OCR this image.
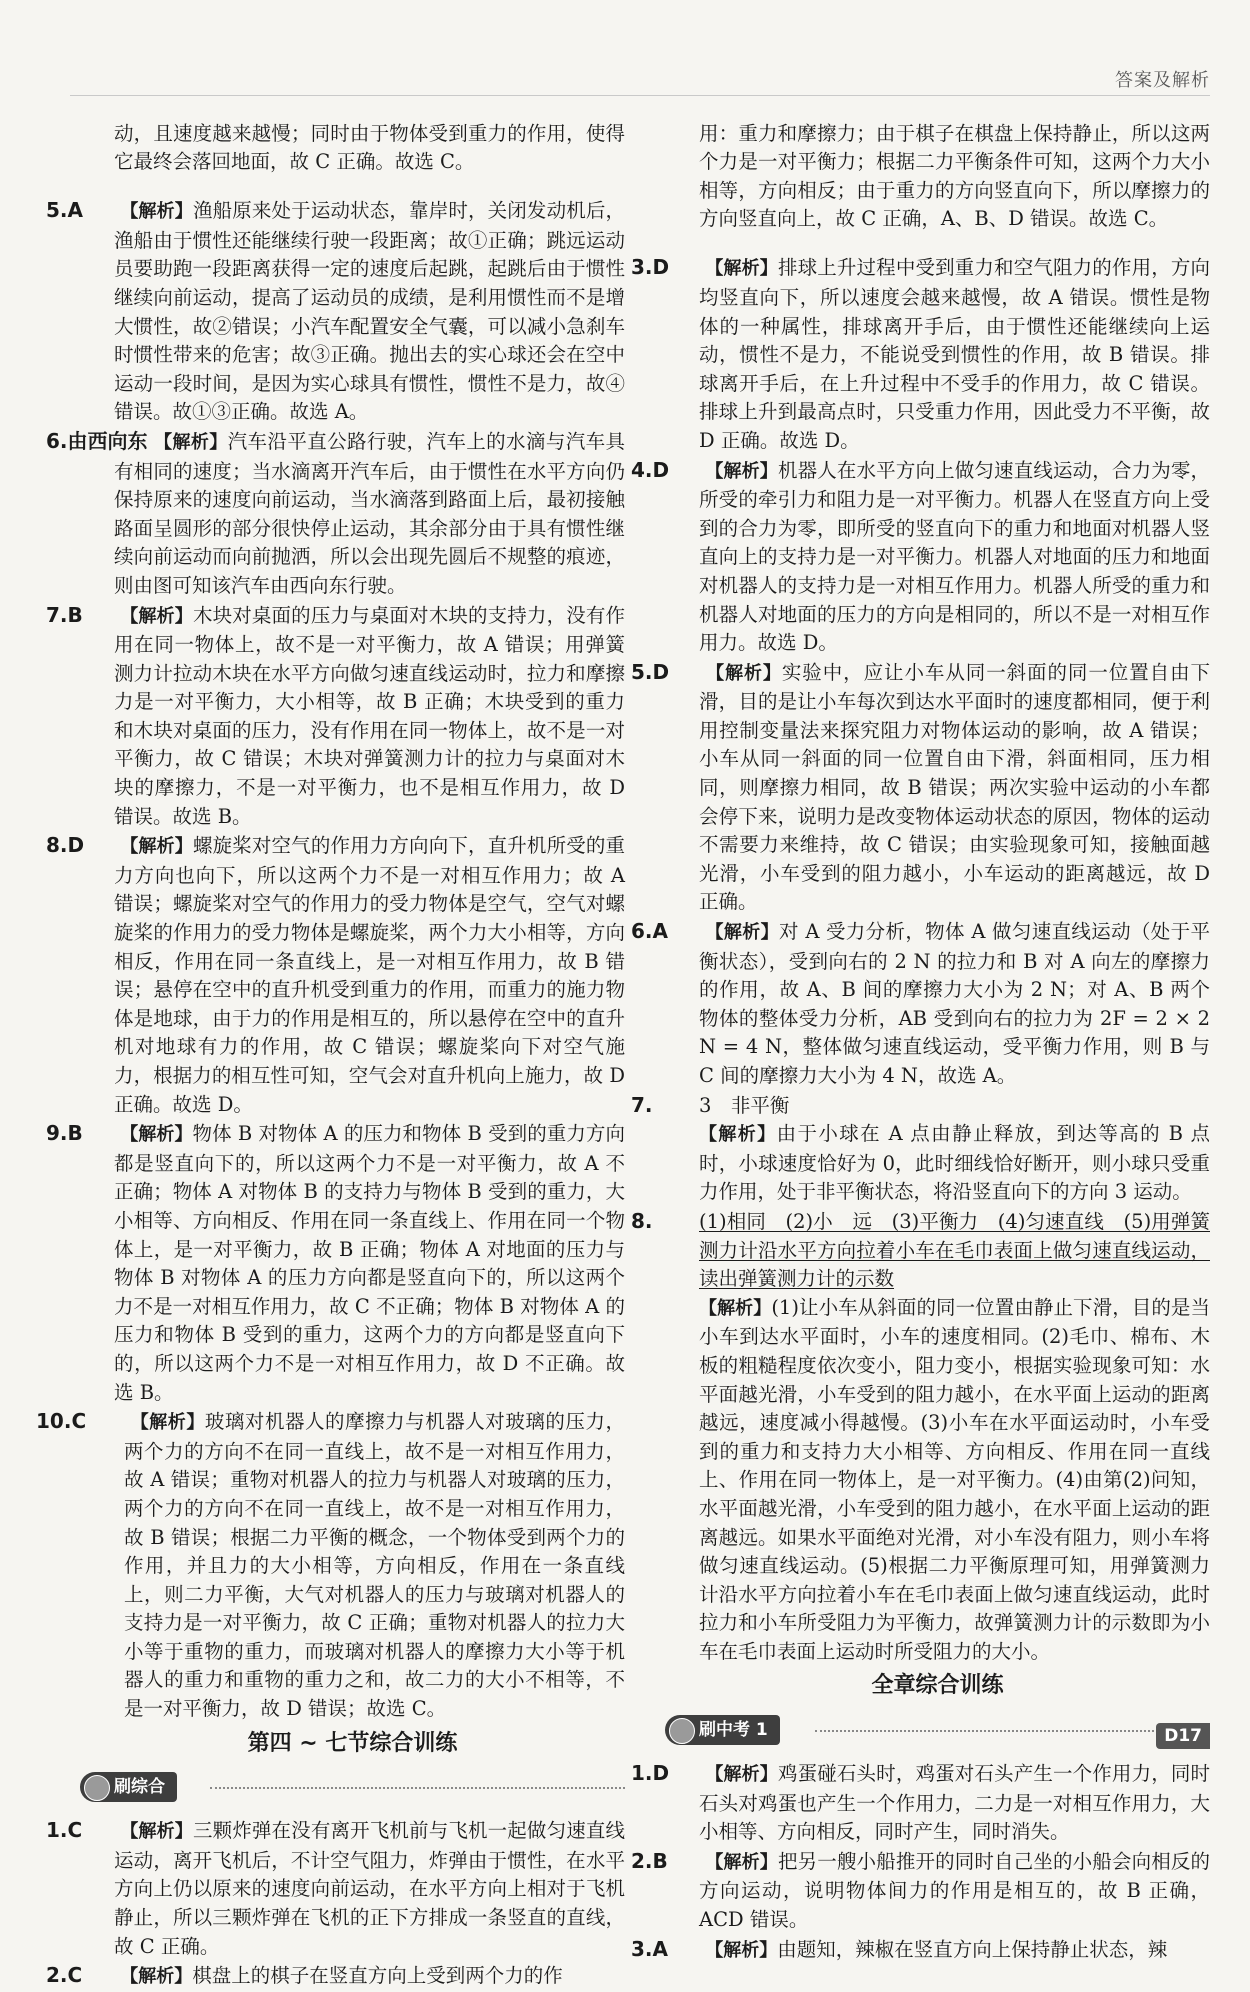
答案及解析

动，且速度越来越慢；同时由于物体受到重力的作用，使得它最终会落回地面，故 C 正确。故选 C。

5.A 【解析】渔船原来处于运动状态，靠岸时，关闭发动机后，渔船由于惯性还能继续行驶一段距离；故①正确；跳远运动员要助跑一段距离获得一定的速度后起跳，起跳后由于惯性继续向前运动，提高了运动员的成绩，是利用惯性而不是增大惯性，故②错误；小汽车配置安全气囊，可以减小急刹车时惯性带来的危害；故③正确。抛出去的实心球还会在空中运动一段时间，是因为实心球具有惯性，惯性不是力，故④错误。故①③正确。故选 A。

6.由西向东 【解析】汽车沿平直公路行驶，汽车上的水滴与汽车具有相同的速度；当水滴离开汽车后，由于惯性在水平方向仍保持原来的速度向前运动，当水滴落到路面上后，最初接触路面呈圆形的部分很快停止运动，其余部分由于具有惯性继续向前运动而向前抛洒，所以会出现先圆后不规整的痕迹，则由图可知该汽车由西向东行驶。

7.B 【解析】木块对桌面的压力与桌面对木块的支持力，没有作用在同一物体上，故不是一对平衡力，故 A 错误；用弹簧测力计拉动木块在水平方向做匀速直线运动时，拉力和摩擦力是一对平衡力，大小相等，故 B 正确；木块受到的重力和木块对桌面的压力，没有作用在同一物体上，故不是一对平衡力，故 C 错误；木块对弹簧测力计的拉力与桌面对木块的摩擦力，不是一对平衡力，也不是相互作用力，故 D 错误。故选 B。

8.D 【解析】螺旋桨对空气的作用力方向向下，直升机所受的重力方向也向下，所以这两个力不是一对相互作用力；故 A 错误；螺旋桨对空气的作用力的受力物体是空气，空气对螺旋桨的作用力的受力物体是螺旋桨，两个力大小相等，方向相反，作用在同一条直线上，是一对相互作用力，故 B 错误；悬停在空中的直升机受到重力的作用，而重力的施力物体是地球，由于力的作用是相互的，所以悬停在空中的直升机对地球有力的作用，故 C 错误；螺旋桨向下对空气施力，根据力的相互性可知，空气会对直升机向上施力，故 D 正确。故选 D。

9.B 【解析】物体 B 对物体 A 的压力和物体 B 受到的重力方向都是竖直向下的，所以这两个力不是一对平衡力，故 A 不正确；物体 A 对物体 B 的支持力与物体 B 受到的重力，大小相等、方向相反、作用在同一条直线上、作用在同一个物体上，是一对平衡力，故 B 正确；物体 A 对地面的压力与物体 B 对物体 A 的压力方向都是竖直向下的，所以这两个力不是一对相互作用力，故 C 不正确；物体 B 对物体 A 的压力和物体 B 受到的重力，这两个力的方向都是竖直向下的，所以这两个力不是一对相互作用力，故 D 不正确。故选 B。

10.C 【解析】玻璃对机器人的摩擦力与机器人对玻璃的压力，两个力的方向不在同一直线上，故不是一对相互作用力，故 A 错误；重物对机器人的拉力与机器人对玻璃的压力，两个力的方向不在同一直线上，故不是一对相互作用力，故 B 错误；根据二力平衡的概念，一个物体受到两个力的作用，并且力的大小相等，方向相反，作用在一条直线上，则二力平衡，大气对机器人的压力与玻璃对机器人的支持力是一对平衡力，故 C 正确；重物对机器人的拉力大小等于重物的重力，而玻璃对机器人的摩擦力大小等于机器人的重力和重物的重力之和，故二力的大小不相等，不是一对平衡力，故 D 错误；故选 C。

第四 ~ 七节综合训练
刷综合

1.C 【解析】三颗炸弹在没有离开飞机前与飞机一起做匀速直线运动，离开飞机后，不计空气阻力，炸弹由于惯性，在水平方向上仍以原来的速度向前运动，在水平方向上相对于飞机静止，所以三颗炸弹在飞机的正下方排成一条竖直的直线，故 C 正确。

2.C 【解析】棋盘上的棋子在竖直方向上受到两个力的作

用：重力和摩擦力；由于棋子在棋盘上保持静止，所以这两个力是一对平衡力；根据二力平衡条件可知，这两个力大小相等，方向相反；由于重力的方向竖直向下，所以摩擦力的方向竖直向上，故 C 正确，A、B、D 错误。故选 C。

3.D 【解析】排球上升过程中受到重力和空气阻力的作用，方向均竖直向下，所以速度会越来越慢，故 A 错误。惯性是物体的一种属性，排球离开手后，由于惯性还能继续向上运动，惯性不是力，不能说受到惯性的作用，故 B 错误。排球离开手后，在上升过程中不受手的作用力，故 C 错误。排球上升到最高点时，只受重力作用，因此受力不平衡，故 D 正确。故选 D。

4.D 【解析】机器人在水平方向上做匀速直线运动，合力为零，所受的牵引力和阻力是一对平衡力。机器人在竖直方向上受到的合力为零，即所受的竖直向下的重力和地面对机器人竖直向上的支持力是一对平衡力。机器人对地面的压力和地面对机器人的支持力是一对相互作用力。机器人所受的重力和机器人对地面的压力的方向是相同的，所以不是一对相互作用力。故选 D。

5.D 【解析】实验中，应让小车从同一斜面的同一位置自由下滑，目的是让小车每次到达水平面时的速度都相同，便于利用控制变量法来探究阻力对物体运动的影响，故 A 错误；小车从同一斜面的同一位置自由下滑，斜面相同，压力相同，则摩擦力相同，故 B 错误；两次实验中运动的小车都会停下来，说明力是改变物体运动状态的原因，物体的运动不需要力来维持，故 C 错误；由实验现象可知，接触面越光滑，小车受到的阻力越小，小车运动的距离越远，故 D 正确。

6.A 【解析】对 A 受力分析，物体 A 做匀速直线运动（处于平衡状态），受到向右的 2 N 的拉力和 B 对 A 向左的摩擦力的作用，故 A、B 间的摩擦力大小为 2 N；对 A、B 两个物体的整体受力分析，AB 受到向右的拉力为 2F = 2 × 2 N = 4 N，整体做匀速直线运动，受平衡力作用，则 B 与 C 间的摩擦力大小为 4 N，故选 A。

7. 3　非平衡
【解析】由于小球在 A 点由静止释放，到达等高的 B 点时，小球速度恰好为 0，此时细线恰好断开，则小球只受重力作用，处于非平衡状态，将沿竖直向下的方向 3 运动。

8. (1)相同　(2)小　远　(3)平衡力　(4)匀速直线　(5)用弹簧测力计沿水平方向拉着小车在毛巾表面上做匀速直线运动，读出弹簧测力计的示数
【解析】(1)让小车从斜面的同一位置由静止下滑，目的是当小车到达水平面时，小车的速度相同。(2)毛巾、棉布、木板的粗糙程度依次变小，阻力变小，根据实验现象可知：水平面越光滑，小车受到的阻力越小，在水平面上运动的距离越远，速度减小得越慢。(3)小车在水平面运动时，小车受到的重力和支持力大小相等、方向相反、作用在同一直线上、作用在同一物体上，是一对平衡力。(4)由第(2)问知，水平面越光滑，小车受到的阻力越小，在水平面上运动的距离越远。如果水平面绝对光滑，对小车没有阻力，则小车将做匀速直线运动。(5)根据二力平衡原理可知，用弹簧测力计沿水平方向拉着小车在毛巾表面上做匀速直线运动，此时拉力和小车所受阻力为平衡力，故弹簧测力计的示数即为小车在毛巾表面上运动时所受阻力的大小。

全章综合训练
刷中考 1

1.D 【解析】鸡蛋碰石头时，鸡蛋对石头产生一个作用力，同时石头对鸡蛋也产生一个作用力，二力是一对相互作用力，大小相等、方向相反，同时产生，同时消失。

2.B 【解析】把另一艘小船推开的同时自己坐的小船会向相反的方向运动，说明物体间力的作用是相互的，故 B 正确，ACD 错误。

3.A 【解析】由题知，辣椒在竖直方向上保持静止状态，辣

D17
